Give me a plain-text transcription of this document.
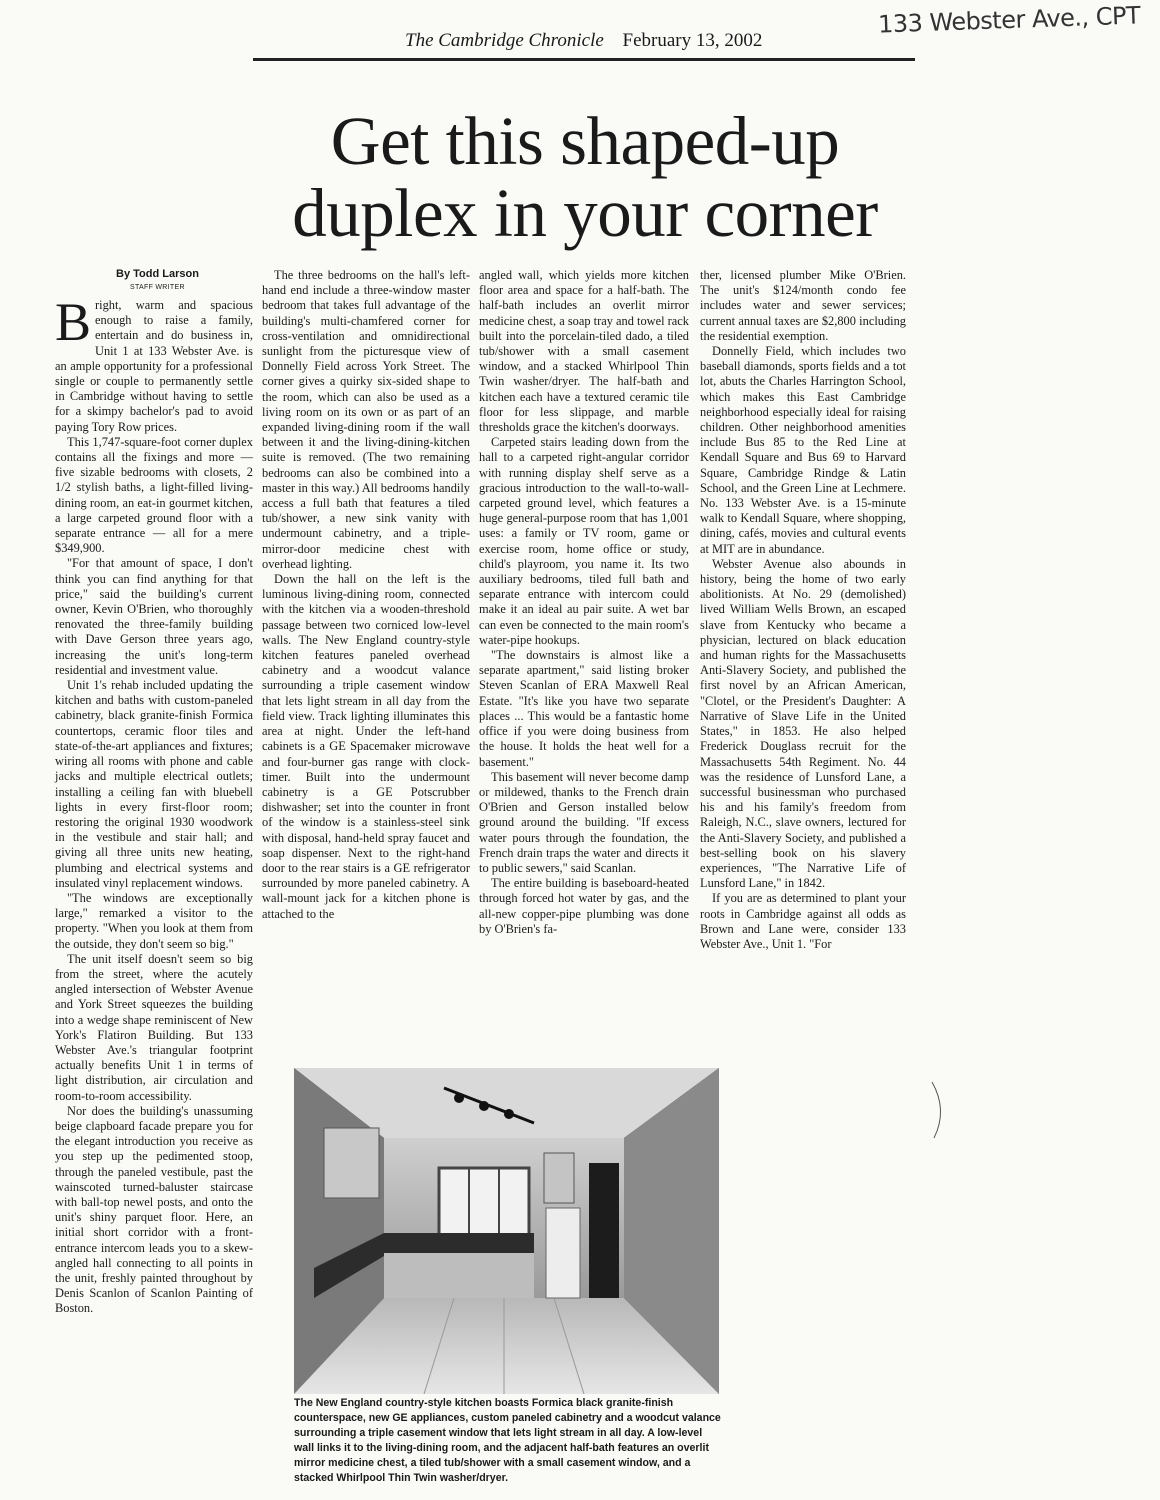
The Cambridge Chronicle February 13, 2002
133 Webster Ave., CPT
Get this shaped-up
duplex in your corner
By Todd Larson
STAFF WRITER

Bright, warm and spacious enough to raise a family, entertain and do business in, Unit 1 at 133 Webster Ave. is an ample opportunity for a professional single or couple to permanently settle in Cambridge without having to settle for a skimpy bachelor's pad to avoid paying Tory Row prices.

This 1,747-square-foot corner duplex contains all the fixings and more — five sizable bedrooms with closets, 2 1/2 stylish baths, a light-filled living-dining room, an eat-in gourmet kitchen, a large carpeted ground floor with a separate entrance — all for a mere $349,900.

"For that amount of space, I don't think you can find anything for that price," said the building's current owner, Kevin O'Brien, who thoroughly renovated the three-family building with Dave Gerson three years ago, increasing the unit's long-term residential and investment value.

Unit 1's rehab included updating the kitchen and baths with custom-paneled cabinetry, black granite-finish Formica countertops, ceramic floor tiles and state-of-the-art appliances and fixtures; wiring all rooms with phone and cable jacks and multiple electrical outlets; installing a ceiling fan with bluebell lights in every first-floor room; restoring the original 1930 woodwork in the vestibule and stair hall; and giving all three units new heating, plumbing and electrical systems and insulated vinyl replacement windows.

"The windows are exceptionally large," remarked a visitor to the property. "When you look at them from the outside, they don't seem so big."

The unit itself doesn't seem so big from the street, where the acutely angled intersection of Webster Avenue and York Street squeezes the building into a wedge shape reminiscent of New York's Flatiron Building. But 133 Webster Ave.'s triangular footprint actually benefits Unit 1 in terms of light distribution, air circulation and room-to-room accessibility.

Nor does the building's unassuming beige clapboard facade prepare you for the elegant introduction you receive as you step up the pedimented stoop, through the paneled vestibule, past the wainscoted turned-baluster staircase with ball-top newel posts, and onto the unit's shiny parquet floor. Here, an initial short corridor with a front-entrance intercom leads you to a skew-angled hall connecting to all points in the unit, freshly painted throughout by Denis Scanlon of Scanlon Painting of Boston.

The three bedrooms on the hall's left-hand end include a three-window master bedroom that takes full advantage of the building's multi-chamfered corner for cross-ventilation and omnidirectional sunlight from the picturesque view of Donnelly Field across York Street. The corner gives a quirky six-sided shape to the room, which can also be used as a living room on its own or as part of an expanded living-dining room if the wall between it and the living-dining-kitchen suite is removed. (The two remaining bedrooms can also be combined into a master in this way.) All bedrooms handily access a full bath that features a tiled tub/shower, a new sink vanity with undermount cabinetry, and a triple-mirror-door medicine chest with overhead lighting.

Down the hall on the left is the luminous living-dining room, connected with the kitchen via a wooden-threshold passage between two corniced low-level walls. The New England country-style kitchen features paneled overhead cabinetry and a woodcut valance surrounding a triple casement window that lets light stream in all day from the field view. Track lighting illuminates this area at night. Under the left-hand cabinets is a GE Spacemaker microwave and four-burner gas range with clock-timer. Built into the undermount cabinetry is a GE Potscrubber dishwasher; set into the counter in front of the window is a stainless-steel sink with disposal, hand-held spray faucet and soap dispenser. Next to the right-hand door to the rear stairs is a GE refrigerator surrounded by more paneled cabinetry. A wall-mount jack for a kitchen phone is attached to the

angled wall, which yields more kitchen floor area and space for a half-bath. The half-bath includes an overlit mirror medicine chest, a soap tray and towel rack built into the porcelain-tiled dado, a tiled tub/shower with a small casement window, and a stacked Whirlpool Thin Twin washer/dryer. The half-bath and kitchen each have a textured ceramic tile floor for less slippage, and marble thresholds grace the kitchen's doorways.

Carpeted stairs leading down from the hall to a carpeted right-angular corridor with running display shelf serve as a gracious introduction to the wall-to-wall-carpeted ground level, which features a huge general-purpose room that has 1,001 uses: a family or TV room, game or exercise room, home office or study, child's playroom, you name it. Its two auxiliary bedrooms, tiled full bath and separate entrance with intercom could make it an ideal au pair suite. A wet bar can even be connected to the main room's water-pipe hookups.

"The downstairs is almost like a separate apartment," said listing broker Steven Scanlan of ERA Maxwell Real Estate. "It's like you have two separate places ... This would be a fantastic home office if you were doing business from the house. It holds the heat well for a basement."

This basement will never become damp or mildewed, thanks to the French drain O'Brien and Gerson installed below ground around the building. "If excess water pours through the foundation, the French drain traps the water and directs it to public sewers," said Scanlan.

The entire building is baseboard-heated through forced hot water by gas, and the all-new copper-pipe plumbing was done by O'Brien's fa-

ther, licensed plumber Mike O'Brien. The unit's $124/month condo fee includes water and sewer services; current annual taxes are $2,800 including the residential exemption.

Donnelly Field, which includes two baseball diamonds, sports fields and a tot lot, abuts the Charles Harrington School, which makes this East Cambridge neighborhood especially ideal for raising children. Other neighborhood amenities include Bus 85 to the Red Line at Kendall Square and Bus 69 to Harvard Square, Cambridge Rindge & Latin School, and the Green Line at Lechmere. No. 133 Webster Ave. is a 15-minute walk to Kendall Square, where shopping, dining, cafés, movies and cultural events at MIT are in abundance.

Webster Avenue also abounds in history, being the home of two early abolitionists. At No. 29 (demolished) lived William Wells Brown, an escaped slave from Kentucky who became a physician, lectured on black education and human rights for the Massachusetts Anti-Slavery Society, and published the first novel by an African American, "Clotel, or the President's Daughter: A Narrative of Slave Life in the United States," in 1853. He also helped Frederick Douglass recruit for the Massachusetts 54th Regiment. No. 44 was the residence of Lunsford Lane, a successful businessman who purchased his and his family's freedom from Raleigh, N.C., slave owners, lectured for the Anti-Slavery Society, and published a best-selling book on his slavery experiences, "The Narrative Life of Lunsford Lane," in 1842.

If you are as determined to plant your roots in Cambridge against all odds as Brown and Lane were, consider 133 Webster Ave., Unit 1. "For

The New England country-style kitchen boasts Formica black granite-finish counterspace, new GE appliances, custom paneled cabinetry and a woodcut valance surrounding a triple casement window that lets light stream in all day. A low-level wall links it to the living-dining room, and the adjacent half-bath features an overlit mirror medicine chest, a tiled tub/shower with a small casement window, and a stacked Whirlpool Thin Twin washer/dryer.
